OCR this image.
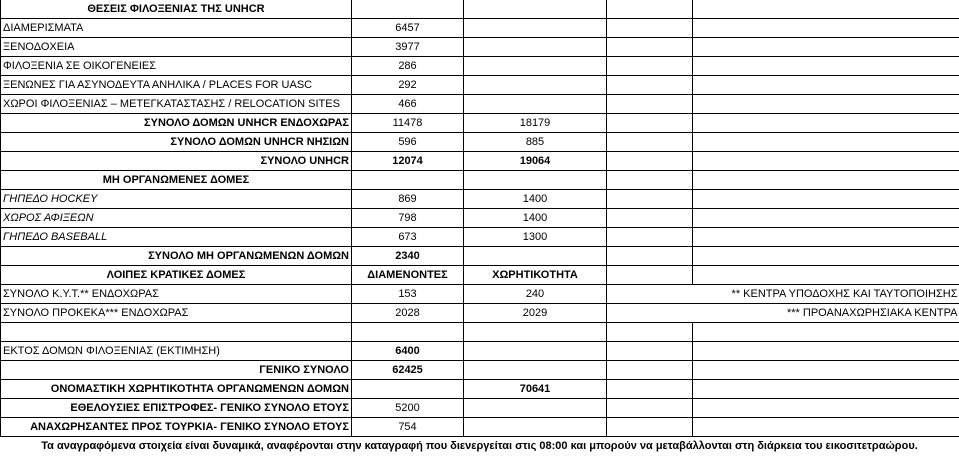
ΘΕΣΕΙΣ ΦΙΛΟΞΕΝΙΑΣ ΤΗΣ UNHCR				
ΔΙΑΜΕΡΙΣΜΑΤΑ	6457			
ΞΕΝΟΔΟΧΕΙΑ	3977			
ΦΙΛΟΞΕΝΙΑ ΣΕ ΟΙΚΟΓΕΝΕΙΕΣ	286			
ΞΕΝΩΝΕΣ ΓΙΑ ΑΣΥΝΟΔΕΥΤΑ ΑΝΗΛΙΚΑ / PLACES FOR UASC	292			
ΧΩΡΟΙ ΦΙΛΟΞΕΝΙΑΣ – ΜΕΤΕΓΚΑΤΑΣΤΑΣΗΣ / RELOCATION SITES	466			
ΣΥΝΟΛΟ ΔΟΜΩΝ UNHCR ΕΝΔΟΧΩΡΑΣ	11478	18179		
ΣΥΝΟΛΟ ΔΟΜΩΝ UNHCR ΝΗΣΙΩΝ	596	885		
ΣΥΝΟΛΟ UNHCR	12074	19064		
ΜΗ ΟΡΓΑΝΩΜΕΝΕΣ ΔΟΜΕΣ				
ΓΗΠΕΔΟ HOCKEY	869	1400		
ΧΩΡΟΣ ΑΦΙΞΕΩΝ	798	1400		
ΓΗΠΕΔΟ BASEBALL	673	1300		
ΣΥΝΟΛΟ ΜΗ ΟΡΓΑΝΩΜΕΝΩΝ ΔΟΜΩΝ	2340			
ΛΟΙΠΕΣ ΚΡΑΤΙΚΕΣ ΔΟΜΕΣ	ΔΙΑΜΕΝΟΝΤΕΣ	ΧΩΡΗΤΙΚΟΤΗΤΑ		
ΣΥΝΟΛΟ Κ.Υ.Τ.** ΕΝΔΟΧΩΡΑΣ	153	240		** ΚΕΝΤΡΑ ΥΠΟΔΟΧΗΣ ΚΑΙ ΤΑΥΤΟΠΟΙΗΣΗΣ
ΣΥΝΟΛΟ ΠΡΟΚΕΚΑ*** ΕΝΔΟΧΩΡΑΣ	2028	2029		*** ΠΡΟΑΝΑΧΩΡΗΣΙΑΚΑ ΚΕΝΤΡΑ

ΕΚΤΟΣ ΔΟΜΩΝ ΦΙΛΟΞΕΝΙΑΣ (ΕΚΤΙΜΗΣΗ)	6400			
ΓΕΝΙΚΟ ΣΥΝΟΛΟ	62425			
ΟΝΟΜΑΣΤΙΚΗ ΧΩΡΗΤΙΚΟΤΗΤΑ ΟΡΓΑΝΩΜΕΝΩΝ ΔΟΜΩΝ		70641		
ΕΘΕΛΟΥΣΙΕΣ ΕΠΙΣΤΡΟΦΕΣ- ΓΕΝΙΚΟ ΣΥΝΟΛΟ ΕΤΟΥΣ	5200			
ΑΝΑΧΩΡΗΣΑΝΤΕΣ ΠΡΟΣ ΤΟΥΡΚΙΑ- ΓΕΝΙΚΟ ΣΥΝΟΛΟ ΕΤΟΥΣ	754			
Τα αναγραφόμενα στοιχεία είναι δυναμικά, αναφέρονται στην καταγραφή που διενεργείται στις 08:00 και μπορούν να μεταβάλλονται στη διάρκεια του εικοσιτετραώρου.
